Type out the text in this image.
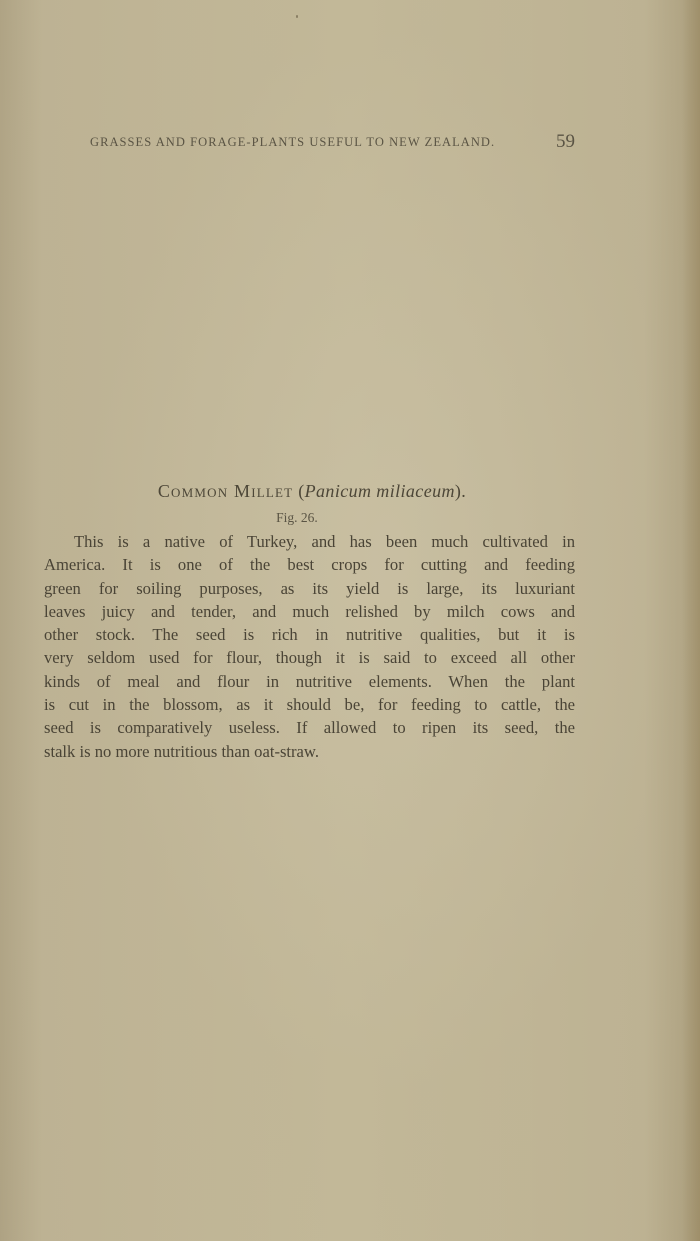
GRASSES AND FORAGE-PLANTS USEFUL TO NEW ZEALAND.	59
Common Millet (Panicum miliaceum).
Fig. 26.
This is a native of Turkey, and has been much cultivated in
America. It is one of the best crops for cutting and feeding
green for soiling purposes, as its yield is large, its luxuriant
leaves juicy and tender, and much relished by milch cows and
other stock. The seed is rich in nutritive qualities, but it is
very seldom used for flour, though it is said to exceed all other
kinds of meal and flour in nutritive elements. When the plant
is cut in the blossom, as it should be, for feeding to cattle, the
seed is comparatively useless. If allowed to ripen its seed, the
stalk is no more nutritious than oat-straw.
